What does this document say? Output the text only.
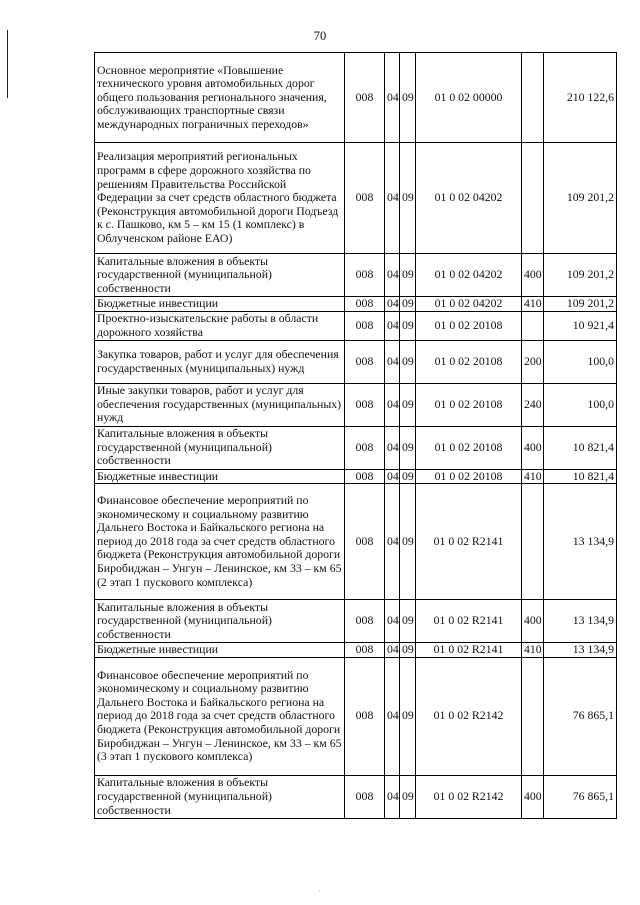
70
Основное мероприятие «Повышение технического уровня автомобильных дорог общего пользования регионального значения, обслуживающих транспортные связи международных пограничных переходов»	008	04	09	01 0 02 00000		210 122,6
Реализация мероприятий региональных программ в сфере дорожного хозяйства по решениям Правительства Российской Федерации за счет средств областного бюджета (Реконструкция автомобильной дороги Подъезд к с. Пашково, км 5 – км 15 (1 комплекс) в Облученском районе ЕАО)	008	04	09	01 0 02 04202		109 201,2
Капитальные вложения в объекты государственной (муниципальной) собственности	008	04	09	01 0 02 04202	400	109 201,2
Бюджетные инвестиции	008	04	09	01 0 02 04202	410	109 201,2
Проектно-изыскательские работы в области дорожного хозяйства	008	04	09	01 0 02 20108		10 921,4
Закупка товаров, работ и услуг для обеспечения государственных (муниципальных) нужд	008	04	09	01 0 02 20108	200	100,0
Иные закупки товаров, работ и услуг для обеспечения государственных (муниципальных) нужд	008	04	09	01 0 02 20108	240	100,0
Капитальные вложения в объекты государственной (муниципальной) собственности	008	04	09	01 0 02 20108	400	10 821,4
Бюджетные инвестиции	008	04	09	01 0 02 20108	410	10 821,4
Финансовое обеспечение мероприятий по экономическому и социальному развитию Дальнего Востока и Байкальского региона на период до 2018 года за счет средств областного бюджета (Реконструкция автомобильной дороги Биробиджан – Унгун – Ленинское, км 33 – км 65 (2 этап 1 пускового комплекса)	008	04	09	01 0 02 R2141		13 134,9
Капитальные вложения в объекты государственной (муниципальной) собственности	008	04	09	01 0 02 R2141	400	13 134,9
Бюджетные инвестиции	008	04	09	01 0 02 R2141	410	13 134,9
Финансовое обеспечение мероприятий по экономическому и социальному развитию Дальнего Востока и Байкальского региона на период до 2018 года за счет средств областного бюджета (Реконструкция автомобильной дороги Биробиджан – Унгун – Ленинское, км 33 – км 65 (3 этап 1 пускового комплекса)	008	04	09	01 0 02 R2142		76 865,1
Капитальные вложения в объекты государственной (муниципальной) собственности	008	04	09	01 0 02 R2142	400	76 865,1
·
